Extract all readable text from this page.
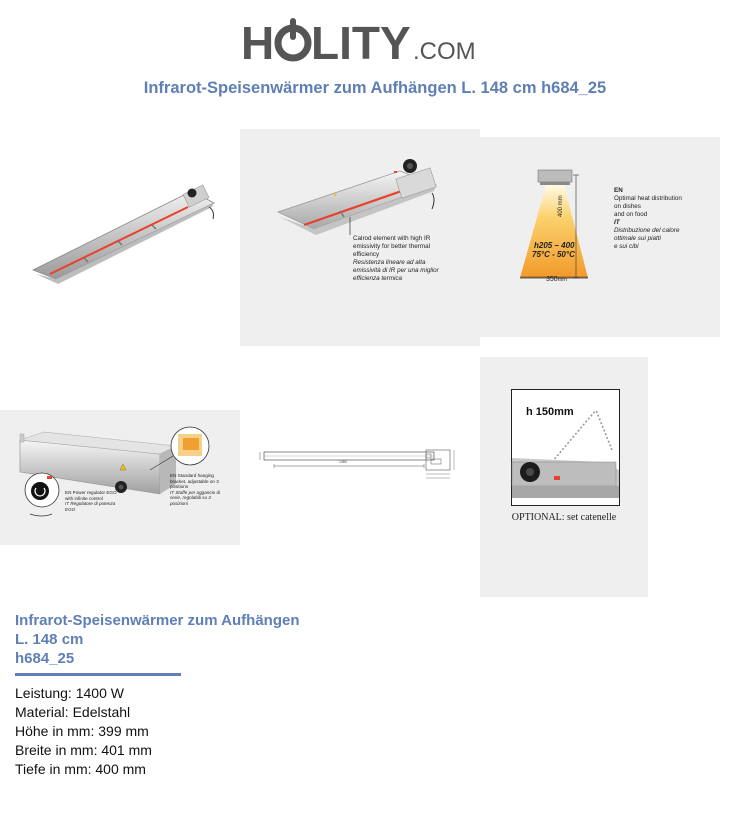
H LITY .COM
Infrarot-Speisenwärmer zum Aufhängen L. 148 cm h684_25
Calrod element with high IR
emissivity for better thermal
efficiency
Resistenza lineare ad alta
emissività di IR per una miglior
efficienza termica
h205 – 400
75°C - 50°C
400 mm
350mm
EN
Optimal heat distribution
on dishes
and on food
IT
Distribuzione del calore
ottimale sui piatti
e sui cibi
EN Power regulator EGO
with infinite control
IT Regolatore di potenza
EGO
EN Standard hanging
bracket, adjustable on 3
positions
IT Staffe per aggancio di
serie, regolabili su 3
posizioni
1480
h 150mm
OPTIONAL: set catenelle
Infrarot-Speisenwärmer zum Aufhängen
L. 148 cm
h684_25
Leistung: 1400 W
Material: Edelstahl
Höhe in mm: 399 mm
Breite in mm: 401 mm
Tiefe in mm: 400 mm
